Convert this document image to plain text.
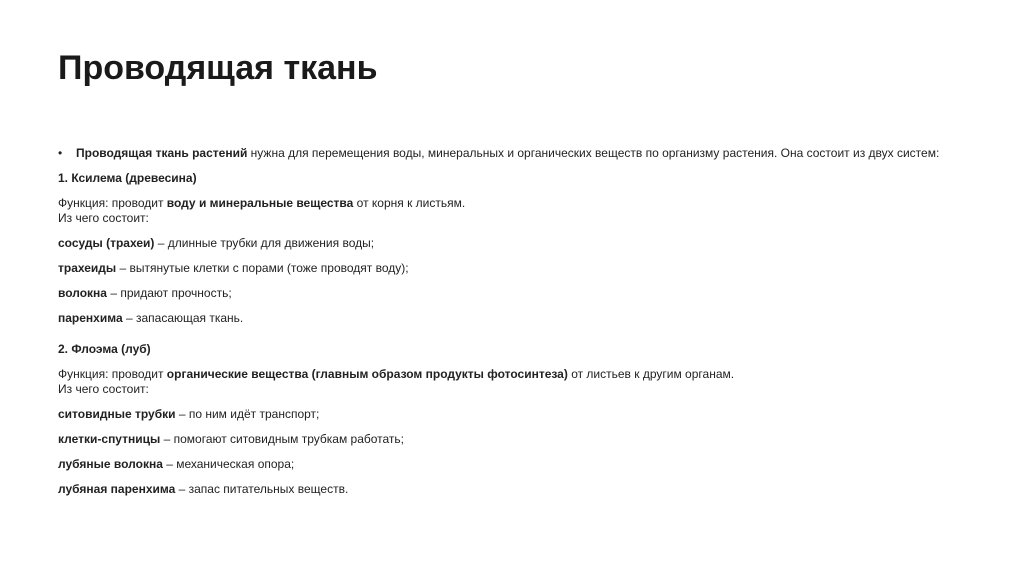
Проводящая ткань
•	Проводящая ткань растений нужна для перемещения воды, минеральных и органических веществ по организму растения. Она состоит из двух систем:

1. Ксилема (древесина)

Функция: проводит воду и минеральные вещества от корня к листьям.

Из чего состоит:

сосуды (трахеи) – длинные трубки для движения воды;

трахеиды – вытянутые клетки с порами (тоже проводят воду);

волокна – придают прочность;

паренхима – запасающая ткань.

2. Флоэма (луб)

Функция: проводит органические вещества (главным образом продукты фотосинтеза) от листьев к другим органам.

Из чего состоит:

ситовидные трубки – по ним идёт транспорт;

клетки-спутницы – помогают ситовидным трубкам работать;

лубяные волокна – механическая опора;

лубяная паренхима – запас питательных веществ.
